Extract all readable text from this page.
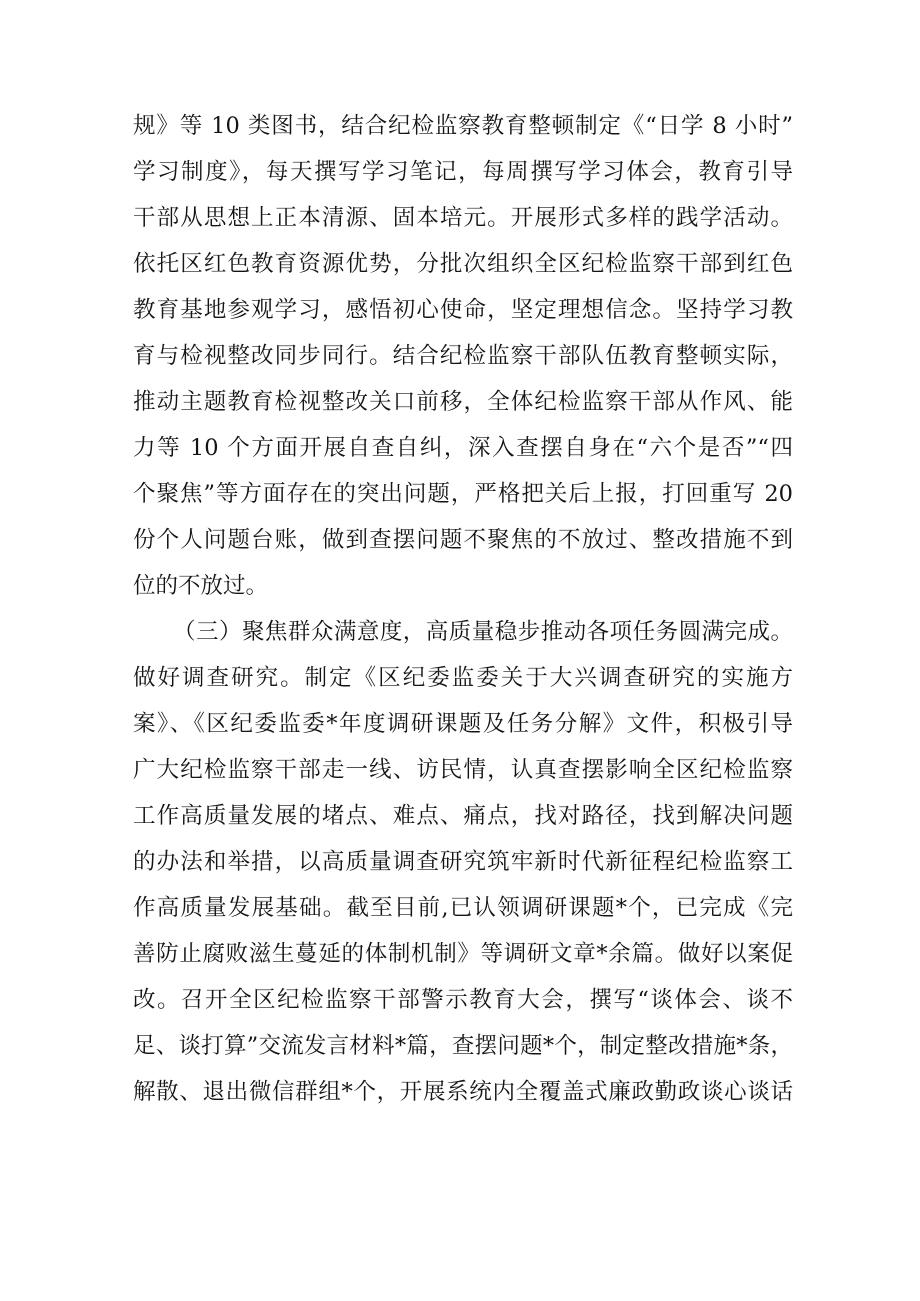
规》等 10 类图书，结合纪检监察教育整顿制定《“日学 8 小时”
学习制度》，每天撰写学习笔记，每周撰写学习体会，教育引导
干部从思想上正本清源、固本培元。开展形式多样的践学活动。
依托区红色教育资源优势，分批次组织全区纪检监察干部到红色
教育基地参观学习，感悟初心使命，坚定理想信念。坚持学习教
育与检视整改同步同行。结合纪检监察干部队伍教育整顿实际，
推动主题教育检视整改关口前移，全体纪检监察干部从作风、能
力等 10 个方面开展自查自纠，深入查摆自身在“六个是否”“四
个聚焦”等方面存在的突出问题，严格把关后上报，打回重写 20
份个人问题台账，做到查摆问题不聚焦的不放过、整改措施不到
位的不放过。
（三）聚焦群众满意度，高质量稳步推动各项任务圆满完成。
做好调查研究。制定《区纪委监委关于大兴调查研究的实施方
案》、《区纪委监委*年度调研课题及任务分解》文件，积极引导
广大纪检监察干部走一线、访民情，认真查摆影响全区纪检监察
工作高质量发展的堵点、难点、痛点，找对路径，找到解决问题
的办法和举措，以高质量调查研究筑牢新时代新征程纪检监察工
作高质量发展基础。截至目前,已认领调研课题*个，已完成《完
善防止腐败滋生蔓延的体制机制》等调研文章*余篇。做好以案促
改。召开全区纪检监察干部警示教育大会，撰写“谈体会、谈不
足、谈打算”交流发言材料*篇，查摆问题*个，制定整改措施*条，
解散、退出微信群组*个，开展系统内全覆盖式廉政勤政谈心谈话
